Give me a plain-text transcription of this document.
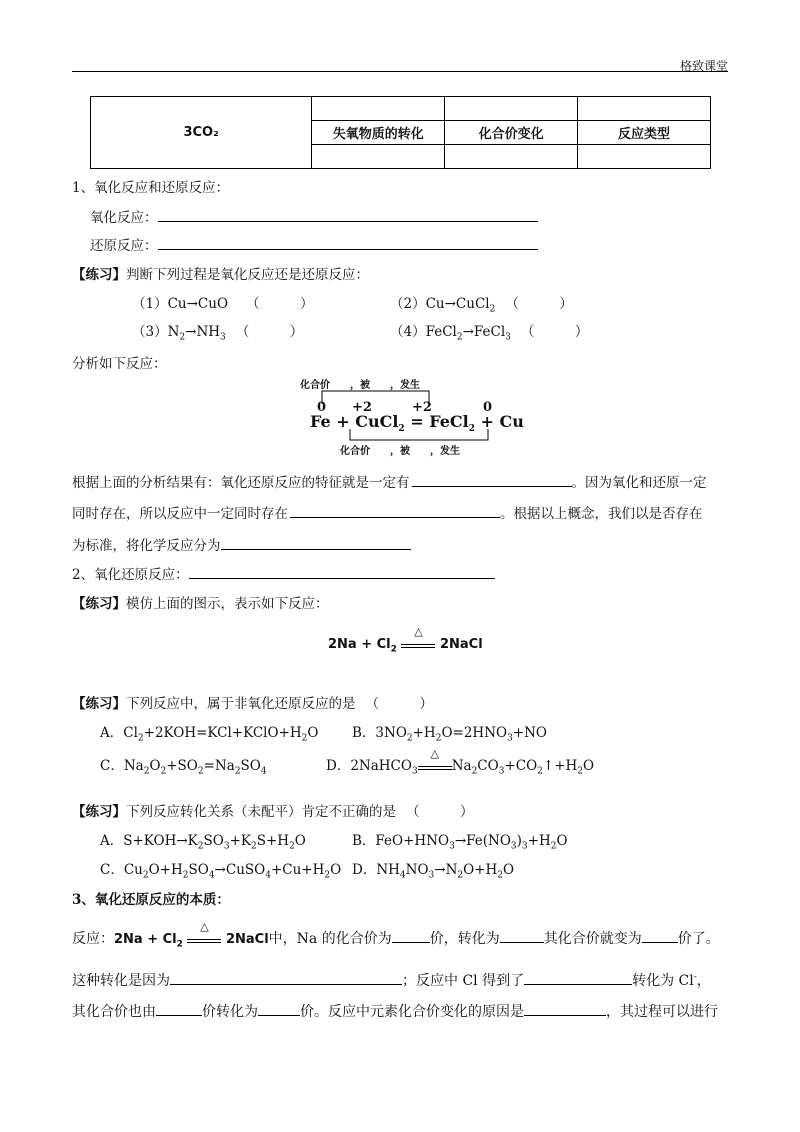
格致课堂
3CO₂			
	失氧物质的转化	化合价变化	反应类型

1、氧化反应和还原反应：
氧化反应：
还原反应：
【练习】判断下列过程是氧化反应还是还原反应：
（1）Cu→CuO （　　　）	（2）Cu→CuCl$_2$ （　　　）
$(3)N_2\to NH_3$ （　　　）	（4）FeCl$_2$→FeCl$_3$ （　　　）
分析如下反应：
化合价　　，被　　，发生
0 +2	+2	0
Fe + CuCl$_2$ = FeCl$_2$ + Cu
化合价　　，被　　，发生
根据上面的分析结果有：氧化还原反应的特征就是一定有	。因为氧化和还原一定
同时存在，所以反应中一定同时存在	。根据以上概念，我们以是否存在
为标准，将化学反应分为
2、氧化还原反应：
【练习】模仿上面的图示，表示如下反应：
$2Na + Cl_2$
△
2NaCl
【练习】下列反应中，属于非氧化还原反应的是 （　　　）
A．$Cl_2+2KOH=KCl+KClO+H_2O$ B．$3NO_2+H_2O=2HNO_3+NO$
C．$Na_2O_2+SO_2=Na_2SO_4$	D．2NaHCO$_3$
△
$Na_2CO_3+CO_2↑+H_2O$
【练习】下列反应转化关系（未配平）肯定不正确的是 （　　　）
A．$S+KOH\to K_2SO_3+K_2S+H_2O$	B．$FeO+HNO_3\to Fe(NO_3)_3+H_2O$
C．$Cu_2O+H_2SO_4\to CuSO_4+Cu+H_2O$ D．$NH_4NO_3\to N_2O+H_2O$
3、氧化还原反应的本质：
反应：$2Na + Cl_2$
△
2NaCl中，Na 的化合价为	价，转化为	其化合价就变为	价了。
这种转化是因为	；反应中 Cl 得到了	转化为 Cl-，
其化合价也由	价转化为	价。反应中元素化合价变化的原因是	，其过程可以进行
